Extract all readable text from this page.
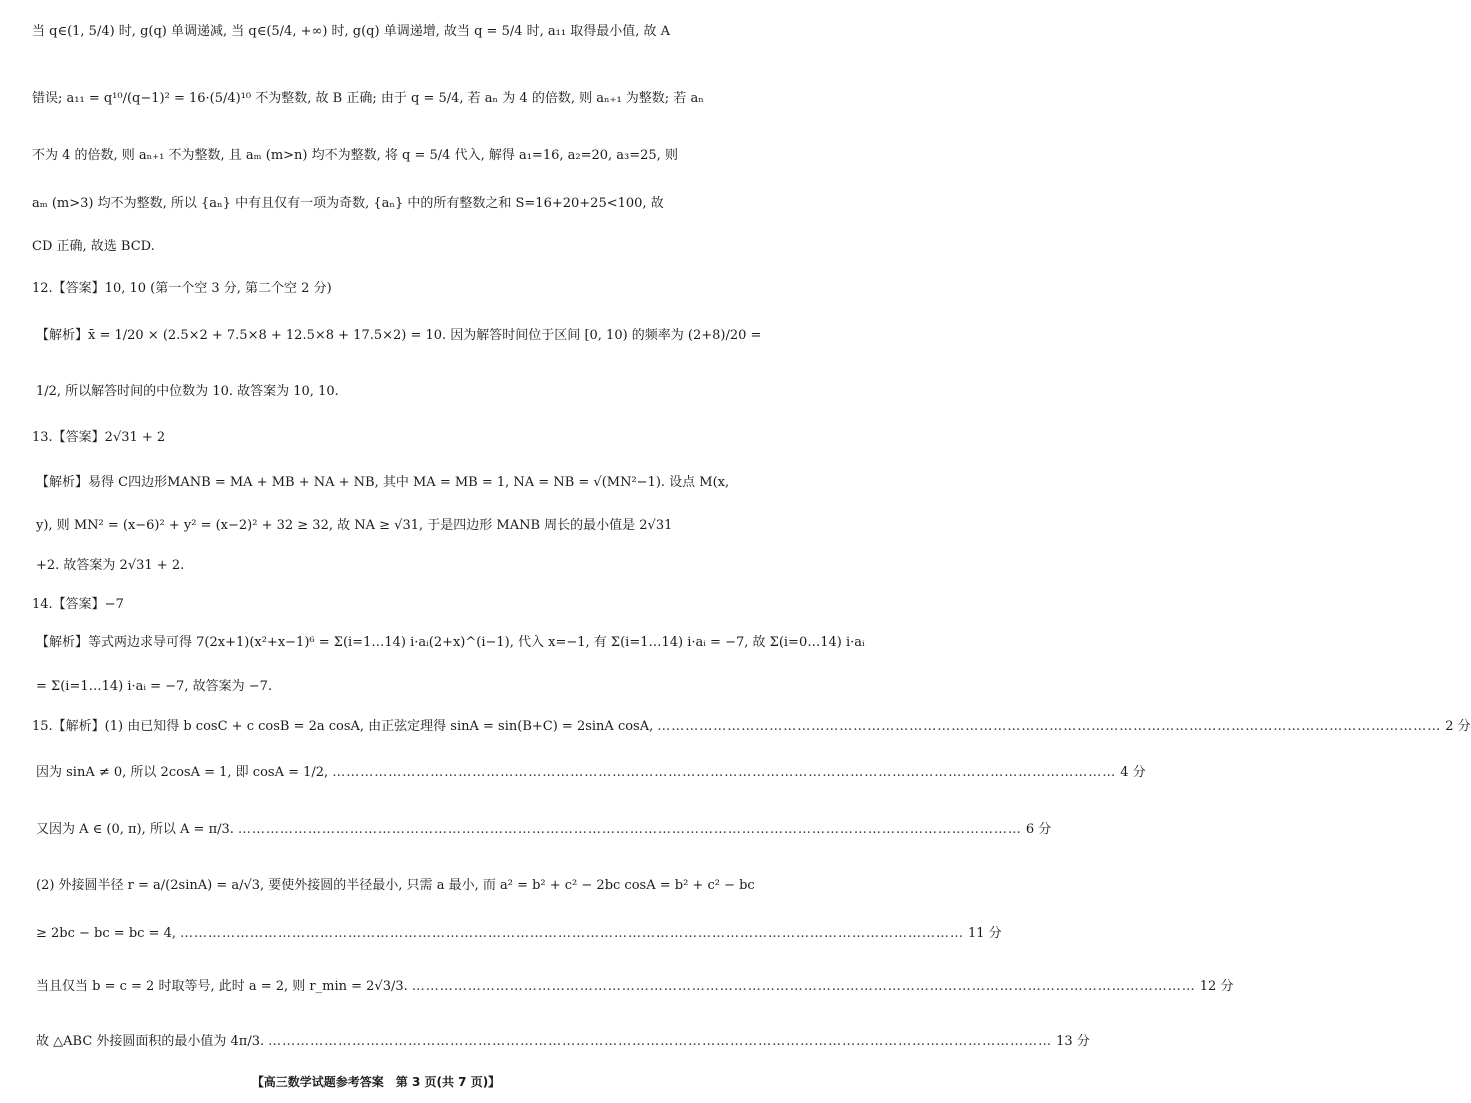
当 q∈(1, 5/4) 时, g(q) 单调递减, 当 q∈(5/4, +∞) 时, g(q) 单调递增, 故当 q = 5/4 时, a₁₁ 取得最小值, 故 A
错误; a₁₁ = q¹⁰/(q−1)² = 16·(5/4)¹⁰ 不为整数, 故 B 正确; 由于 q = 5/4, 若 aₙ 为 4 的倍数, 则 aₙ₊₁ 为整数; 若 aₙ
不为 4 的倍数, 则 aₙ₊₁ 不为整数, 且 aₘ (m>n) 均不为整数, 将 q = 5/4 代入, 解得 a₁=16, a₂=20, a₃=25, 则
aₘ (m>3) 均不为整数, 所以 {aₙ} 中有且仅有一项为奇数, {aₙ} 中的所有整数之和 S=16+20+25<100, 故
CD 正确, 故选 BCD.
12.【答案】10, 10 (第一个空 3 分, 第二个空 2 分)
【解析】x̄ = 1/20 × (2.5×2 + 7.5×8 + 12.5×8 + 17.5×2) = 10. 因为解答时间位于区间 [0, 10) 的频率为 (2+8)/20 =
1/2, 所以解答时间的中位数为 10. 故答案为 10, 10.
13.【答案】2√31 + 2
【解析】易得 C四边形MANB = MA + MB + NA + NB, 其中 MA = MB = 1, NA = NB = √(MN²−1). 设点 M(x,
y), 则 MN² = (x−6)² + y² = (x−2)² + 32 ≥ 32, 故 NA ≥ √31, 于是四边形 MANB 周长的最小值是 2√31
+2. 故答案为 2√31 + 2.
14.【答案】−7
【解析】等式两边求导可得 7(2x+1)(x²+x−1)⁶ = Σ(i=1…14) i·aᵢ(2+x)^(i−1), 代入 x=−1, 有 Σ(i=1…14) i·aᵢ = −7, 故 Σ(i=0…14) i·aᵢ
= Σ(i=1…14) i·aᵢ = −7, 故答案为 −7.
15.【解析】(1) 由已知得 b cosC + c cosB = 2a cosA, 由正弦定理得 sinA = sin(B+C) = 2sinA cosA, …………………………………………………………………………………………………………………………………………………… 2 分
因为 sinA ≠ 0, 所以 2cosA = 1, 即 cosA = 1/2, …………………………………………………………………………………………………………………………………………………… 4 分
又因为 A ∈ (0, π), 所以 A = π/3. …………………………………………………………………………………………………………………………………………………… 6 分
(2) 外接圆半径 r = a/(2sinA) = a/√3, 要使外接圆的半径最小, 只需 a 最小, 而 a² = b² + c² − 2bc cosA = b² + c² − bc
≥ 2bc − bc = bc = 4, …………………………………………………………………………………………………………………………………………………… 11 分
当且仅当 b = c = 2 时取等号, 此时 a = 2, 则 r_min = 2√3/3. …………………………………………………………………………………………………………………………………………………… 12 分
故 △ABC 外接圆面积的最小值为 4π/3. …………………………………………………………………………………………………………………………………………………… 13 分
【高三数学试题参考答案　第 3 页(共 7 页)】
